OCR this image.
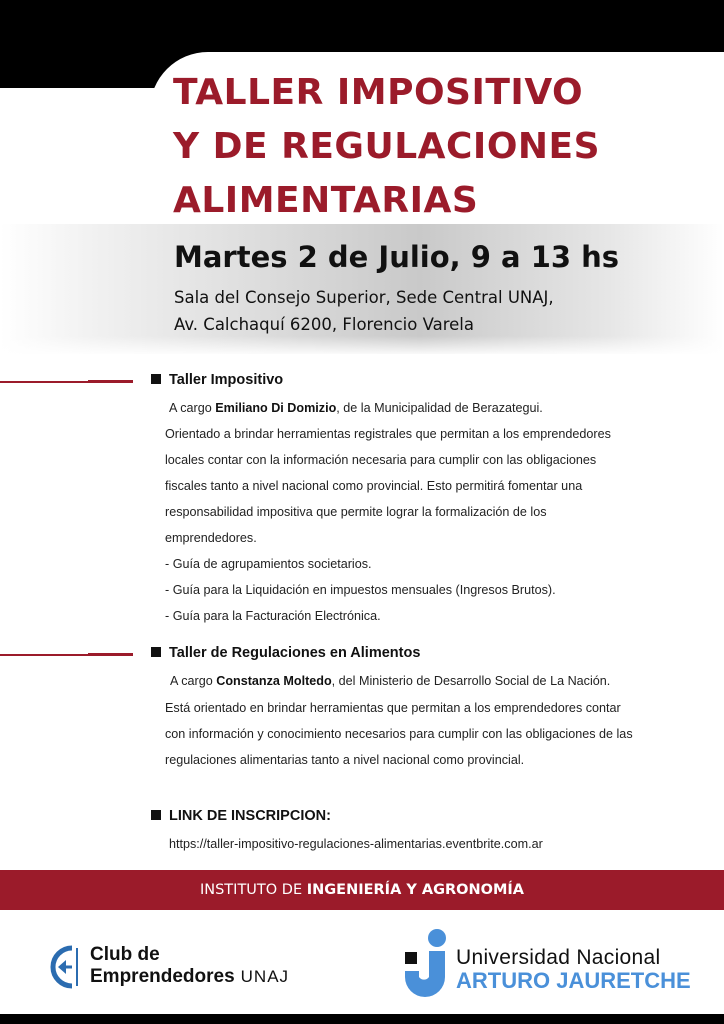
TALLER IMPOSITIVO
Y DE REGULACIONES
ALIMENTARIAS
Martes 2 de Julio, 9 a 13 hs
Sala del Consejo Superior, Sede Central UNAJ,
Av. Calchaquí 6200, Florencio Varela
Taller Impositivo
A cargo Emiliano Di Domizio, de la Municipalidad de Berazategui.
Orientado a brindar herramientas registrales que permitan a los emprendedores
locales contar con la información necesaria para cumplir con las obligaciones
fiscales tanto a nivel nacional como provincial. Esto permitirá fomentar una
responsabilidad impositiva que permite lograr la formalización de los
emprendedores.
- Guía de agrupamientos societarios.
- Guía para la Liquidación en impuestos mensuales (Ingresos Brutos).
- Guía para la Facturación Electrónica.
Taller de Regulaciones en Alimentos
A cargo Constanza Moltedo, del Ministerio de Desarrollo Social de La Nación.
Está orientado en brindar herramientas que permitan a los emprendedores contar
con información y conocimiento necesarios para cumplir con las obligaciones de las
regulaciones alimentarias tanto a nivel nacional como provincial.
LINK DE INSCRIPCION:
https://taller-impositivo-regulaciones-alimentarias.eventbrite.com.ar
INSTITUTO DE INGENIERÍA Y AGRONOMÍA
Club de
Emprendedores UNAJ
Universidad Nacional
ARTURO JAURETCHE
